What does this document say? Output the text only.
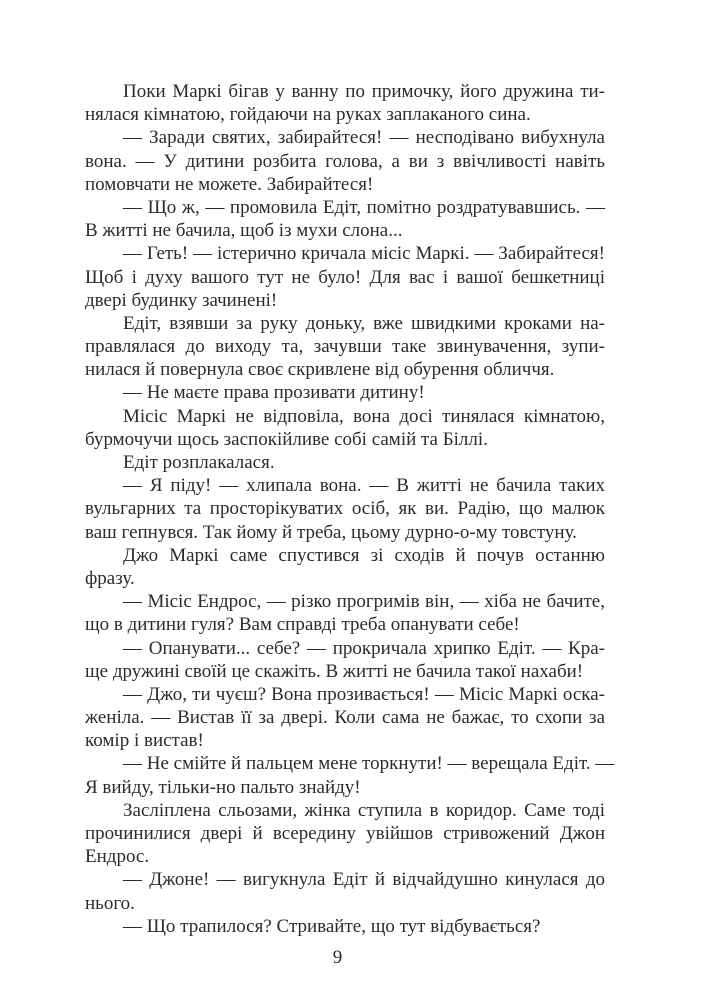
Поки Маркі бігав у ванну по примочку, його дружина ти-
нялася кімнатою, гойдаючи на руках заплаканого сина.
— Заради святих, забирайтеся! — несподівано вибухнула
вона. — У дитини розбита голова, а ви з ввічливості навіть
помовчати не можете. Забирайтеся!
— Що ж, — промовила Едіт, помітно роздратувавшись. —
В житті не бачила, щоб із мухи слона...
— Геть! — істерично кричала місіс Маркі. — Забирайтеся!
Щоб і духу вашого тут не було! Для вас і вашої бешкетниці
двері будинку зачинені!
Едіт, взявши за руку доньку, вже швидкими кроками на-
правлялася до виходу та, зачувши таке звинувачення, зупи-
нилася й повернула своє скривлене від обурення обличчя.
— Не маєте права прозивати дитину!
Місіс Маркі не відповіла, вона досі тинялася кімнатою,
бурмочучи щось заспокійливе собі самій та Біллі.
Едіт розплакалася.
— Я піду! — хлипала вона. — В житті не бачила таких
вульгарних та просторікуватих осіб, як ви. Радію, що малюк
ваш гепнувся. Так йому й треба, цьому дурно-о-му товстуну.
Джо Маркі саме спустився зі сходів й почув останню
фразу.
— Місіс Ендрос, — різко прогримів він, — хіба не бачите,
що в дитини гуля? Вам справді треба опанувати себе!
— Опанувати... себе? — прокричала хрипко Едіт. — Кра-
ще дружині своїй це скажіть. В житті не бачила такої нахаби!
— Джо, ти чуєш? Вона прозивається! — Місіс Маркі оска-
женіла. — Вистав її за двері. Коли сама не бажає, то схопи за
комір і вистав!
— Не смійте й пальцем мене торкнути! — верещала Едіт. —
Я вийду, тільки-но пальто знайду!
Засліплена сльозами, жінка ступила в коридор. Саме тоді
прочинилися двері й всередину увійшов стривожений Джон
Ендрос.
— Джоне! — вигукнула Едіт й відчайдушно кинулася до
нього.
— Що трапилося? Стривайте, що тут відбувається?
9
